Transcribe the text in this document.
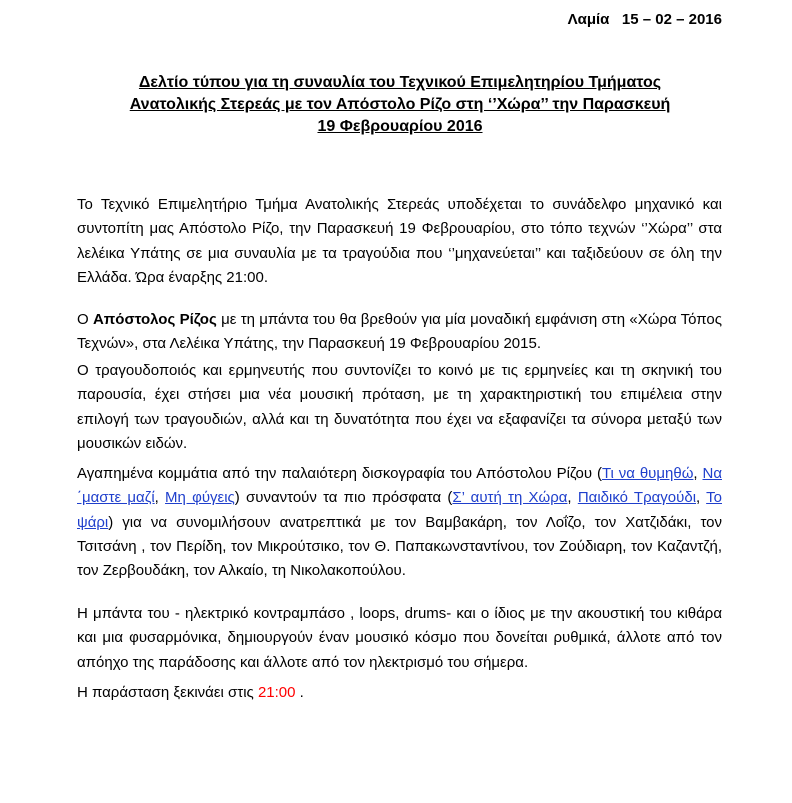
Λαμία   15 – 02 – 2016
Δελτίο τύπου για τη συναυλία του Τεχνικού Επιμελητηρίου Τμήματος
Ανατολικής Στερεάς με τον Απόστολο Ρίζο στη ‘’Χώρα’’ την Παρασκευή
19 Φεβρουαρίου 2016

Το Τεχνικό Επιμελητήριο Τμήμα Ανατολικής Στερεάς υποδέχεται το συνάδελφο μηχανικό και συντοπίτη μας Απόστολο Ρίζο, την Παρασκευή 19 Φεβρουαρίου, στο τόπο τεχνών ‘’Χώρα’’ στα λελέικα Υπάτης σε μια συναυλία με τα τραγούδια που ‘’μηχανεύεται’’ και ταξιδεύουν σε όλη την Ελλάδα. Ώρα έναρξης 21:00.

Ο Απόστολος Ρίζος με τη μπάντα του θα βρεθούν για μία μοναδική εμφάνιση στη «Χώρα Τόπος Τεχνών», στα Λελέικα Υπάτης, την Παρασκευή 19 Φεβρουαρίου 2015.

Ο τραγουδοποιός και ερμηνευτής που συντονίζει το κοινό με τις ερμηνείες και τη σκηνική του παρουσία, έχει στήσει μια νέα μουσική πρόταση, με τη χαρακτηριστική του επιμέλεια στην επιλογή των τραγουδιών, αλλά και τη δυνατότητα που έχει να εξαφανίζει τα σύνορα μεταξύ των μουσικών ειδών.

Αγαπημένα κομμάτια από την παλαιότερη δισκογραφία του Απόστολου Ρίζου (Τι να θυμηθώ, Να ΄μαστε μαζί, Μη φύγεις) συναντούν τα πιο πρόσφατα (Σ’ αυτή τη Χώρα, Παιδικό Τραγούδι, Το ψάρι) για να συνομιλήσουν ανατρεπτικά με τον Βαμβακάρη, τον Λοΐζο, τον Χατζιδάκι, τον Τσιτσάνη , τον Περίδη, τον Μικρούτσικο, τον Θ. Παπακωνσταντίνου, τον Ζούδιαρη, τον Καζαντζή, τον Ζερβουδάκη, τον Αλκαίο, τη Νικολακοπούλου.

Η μπάντα του - ηλεκτρικό κοντραμπάσο , loops, drums- και ο ίδιος με την ακουστική του κιθάρα και μια φυσαρμόνικα, δημιουργούν έναν μουσικό κόσμο που δονείται ρυθμικά, άλλοτε από τον απόηχο της παράδοσης και άλλοτε από τον ηλεκτρισμό του σήμερα.

Η παράσταση ξεκινάει στις 21:00 .
